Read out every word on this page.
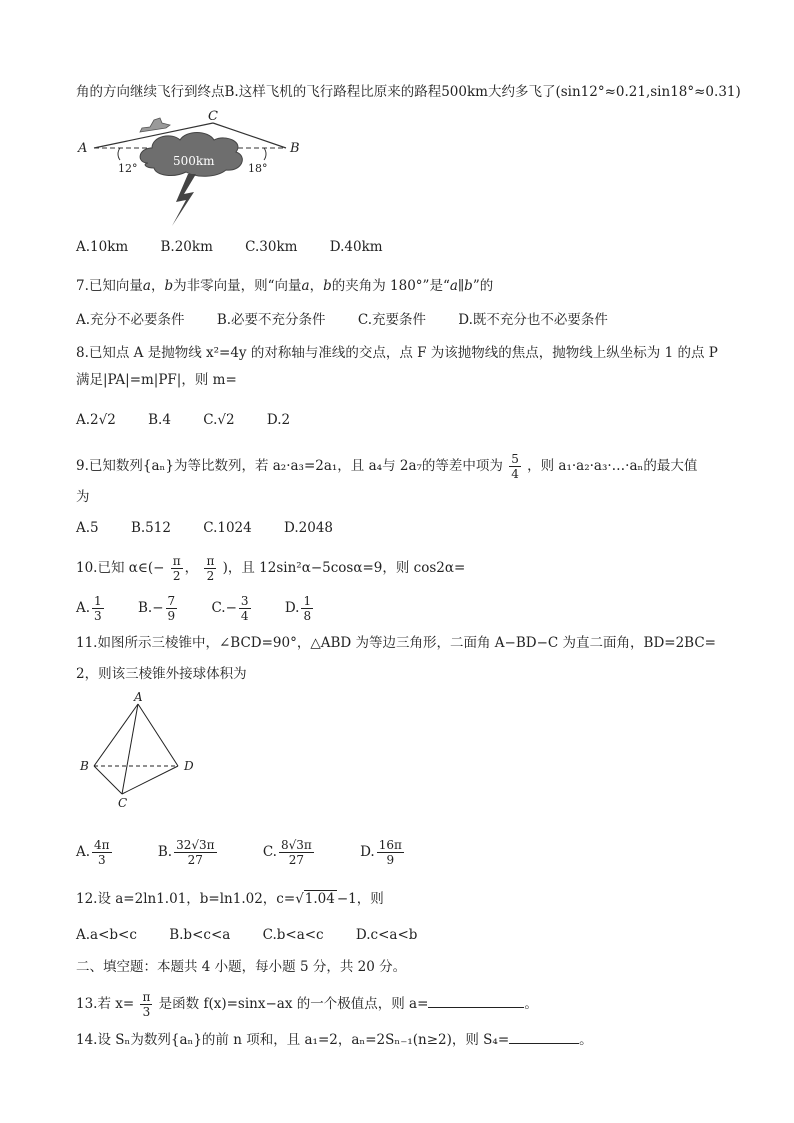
角的方向继续飞行到终点B.这样飞机的飞行路程比原来的路程500km大约多飞了(sin12°≈0.21,sin18°≈0.31)
A	B
C
12°	18°
500km
A.10km B.20km C.30km D.40km
7.已知向量a，b为非零向量，则“向量a，b的夹角为 180°”是“a∥b”的
A.充分不必要条件 B.必要不充分条件 C.充要条件 D.既不充分也不必要条件
8.已知点 A 是抛物线 x²=4y 的对称轴与准线的交点，点 F 为该抛物线的焦点，抛物线上纵坐标为 1 的点 P
满足|PA|=m|PF|，则 m=
A.2√2 B.4 C.√2 D.2
9.已知数列{aₙ}为等比数列，若 a₂·a₃=2a₁，且 a₄与 2a₇的等差中项为 $\frac{5}{4}$ ，则 a₁·a₂·a₃·…·aₙ的最大值
为
A.5 B.512 C.1024 D.2048
10.已知 α∈(− $\frac{\pi}{2}$ ， $\frac{\pi}{2}$ )，且 12sin²α−5cosα=9，则 cos2α=
A. $\frac{1}{3}$	$B.- \frac{7}{9}$	$C.- \frac{3}{4}$	D. $\frac{1}{8}$
11.如图所示三棱锥中，∠BCD=90°，△ABD 为等边三角形，二面角 A−BD−C 为直二面角，BD=2BC=
2，则该三棱锥外接球体积为
A
B
C
D
A. $\frac{4\pi}{3}$	B. $\frac{32√3\pi}{27}$	C. $\frac{8√3\pi}{27}$	D. $\frac{16\pi}{9}$
12.设 a=2ln1.01，b=ln1.02，c=√1.04 −1，则
A.a<b<c B.b<c<a C.b<a<c D.c<a<b
二、填空题：本题共 4 小题，每小题 5 分，共 20 分。
13.若 $x= \frac{\pi}{3}$ 是函数 f(x)=sinx−ax 的一个极值点，则 a=	。
14.设 Sₙ为数列{aₙ}的前 n 项和，且 a₁=2，aₙ=2Sₙ₋₁(n≥2)，则 S₄=	。
